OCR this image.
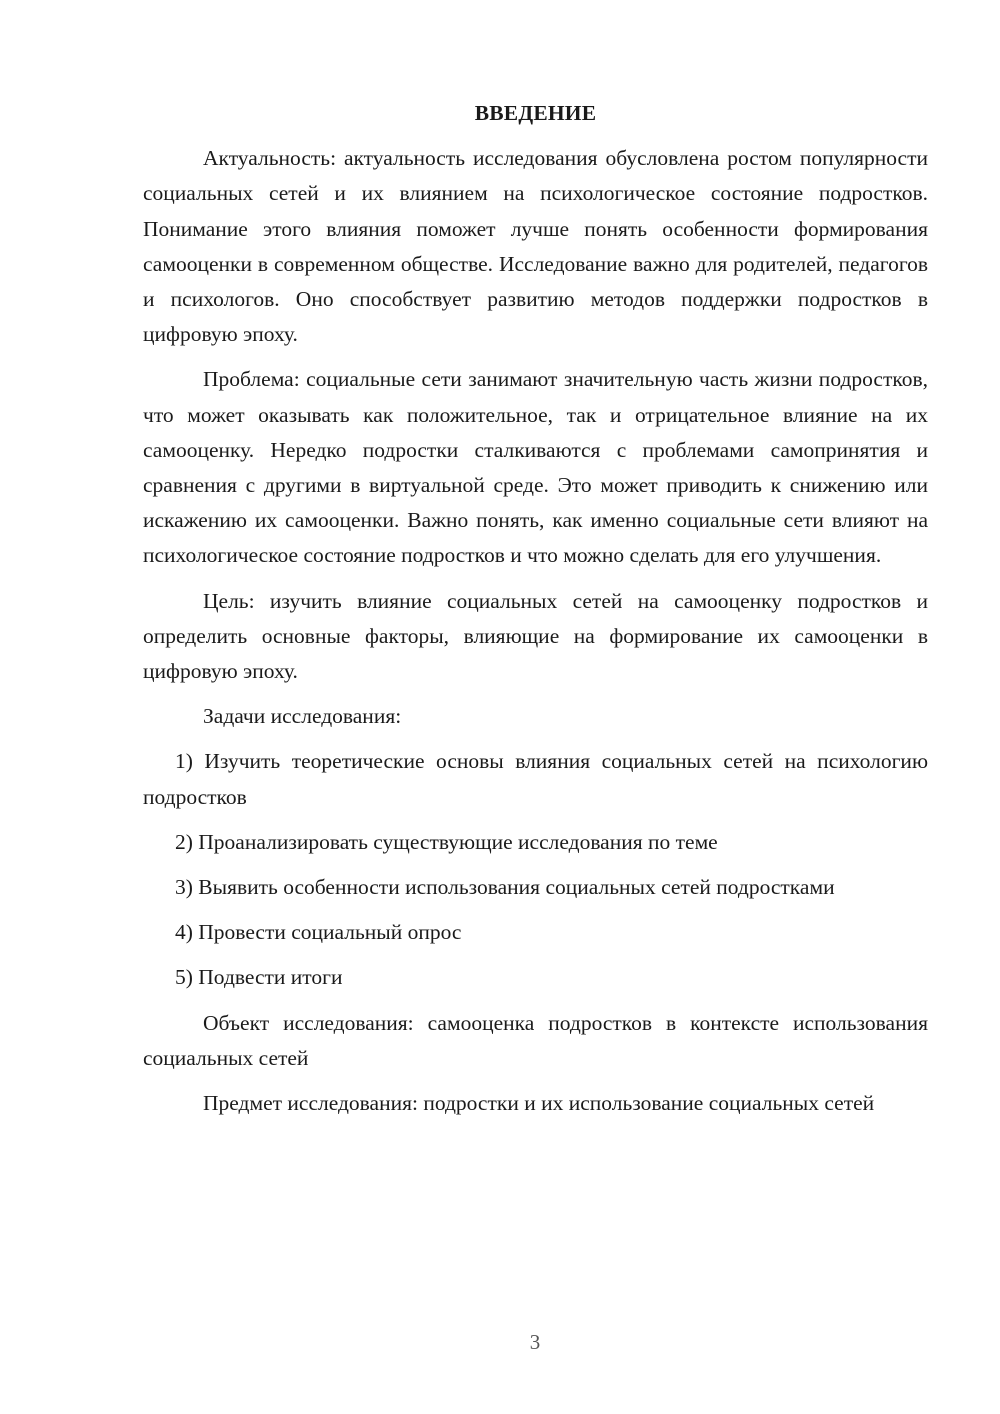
ВВЕДЕНИЕ

Актуальность: актуальность исследования обусловлена ростом популярности социальных сетей и их влиянием на психологическое состояние подростков. Понимание этого влияния поможет лучше понять особенности формирования самооценки в современном обществе. Исследование важно для родителей, педагогов и психологов. Оно способствует развитию методов поддержки подростков в цифровую эпоху.

Проблема: социальные сети занимают значительную часть жизни подростков, что может оказывать как положительное, так и отрицательное влияние на их самооценку. Нередко подростки сталкиваются с проблемами самопринятия и сравнения с другими в виртуальной среде. Это может приводить к снижению или искажению их самооценки. Важно понять, как именно социальные сети влияют на психологическое состояние подростков и что можно сделать для его улучшения.

Цель: изучить влияние социальных сетей на самооценку подростков и определить основные факторы, влияющие на формирование их самооценки в цифровую эпоху.

Задачи исследования:

1) Изучить теоретические основы влияния социальных сетей на психологию подростков

2) Проанализировать существующие исследования по теме

3) Выявить особенности использования социальных сетей подростками

4) Провести социальный опрос

5) Подвести итоги

Объект исследования: самооценка подростков в контексте использования социальных сетей

Предмет исследования: подростки и их использование социальных сетей

3
